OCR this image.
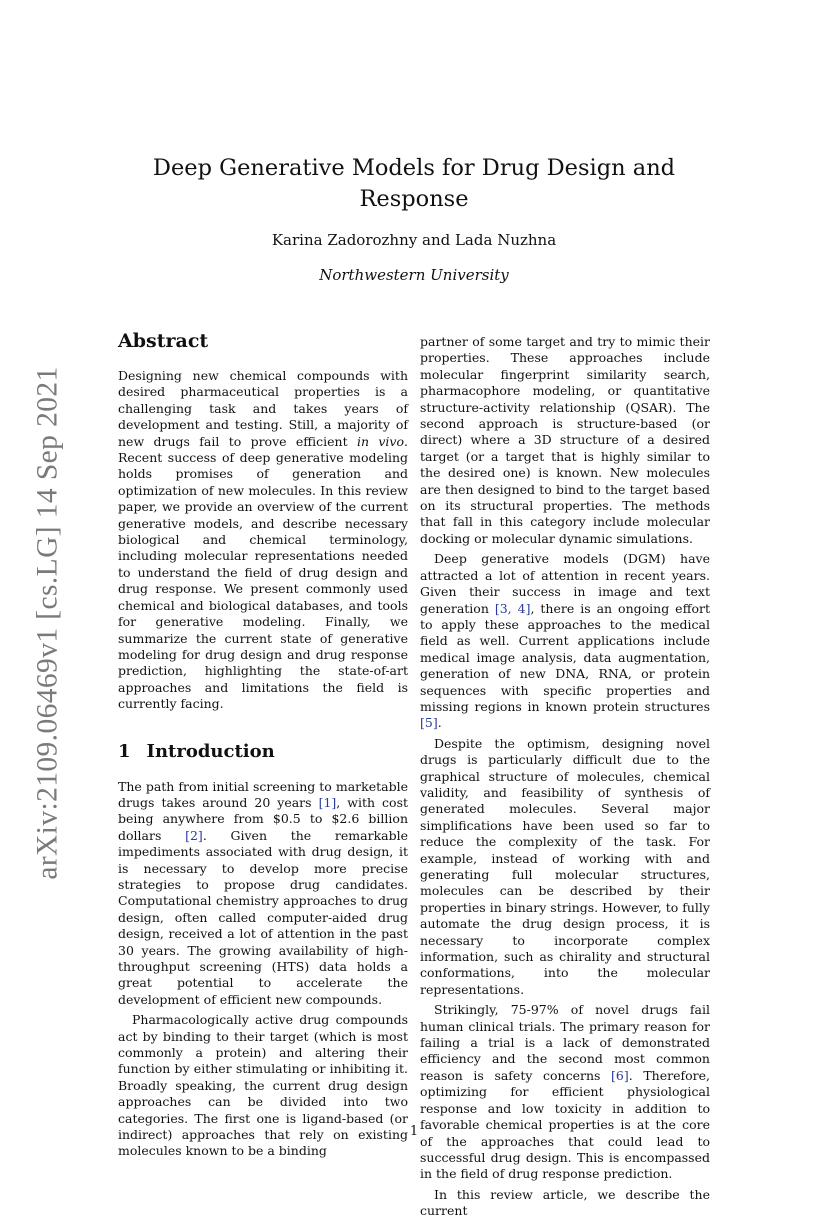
arXiv:2109.06469v1 [cs.LG] 14 Sep 2021
Deep Generative Models for Drug Design and
Response
Karina Zadorozhny and Lada Nuzhna
Northwestern University
Abstract

Designing new chemical compounds with desired pharmaceutical properties is a challenging task and takes years of development and testing. Still, a majority of new drugs fail to prove efficient in vivo. Recent success of deep generative modeling holds promises of generation and optimization of new molecules. In this review paper, we provide an overview of the current generative models, and describe necessary biological and chemical terminology, including molecular representations needed to understand the field of drug design and drug response. We present commonly used chemical and biological databases, and tools for generative modeling. Finally, we summarize the current state of generative modeling for drug design and drug response prediction, highlighting the state-of-art approaches and limitations the field is currently facing.

1 Introduction

The path from initial screening to marketable drugs takes around 20 years [1], with cost being anywhere from $0.5 to $2.6 billion dollars [2]. Given the remarkable impediments associated with drug design, it is necessary to develop more precise strategies to propose drug candidates. Computational chemistry approaches to drug design, often called computer-aided drug design, received a lot of attention in the past 30 years. The growing availability of high-throughput screening (HTS) data holds a great potential to accelerate the development of efficient new compounds.

Pharmacologically active drug compounds act by binding to their target (which is most commonly a protein) and altering their function by either stimulating or inhibiting it. Broadly speaking, the current drug design approaches can be divided into two categories. The first one is ligand-based (or indirect) approaches that rely on existing molecules known to be a binding

partner of some target and try to mimic their properties. These approaches include molecular fingerprint similarity search, pharmacophore modeling, or quantitative structure-activity relationship (QSAR). The second approach is structure-based (or direct) where a 3D structure of a desired target (or a target that is highly similar to the desired one) is known. New molecules are then designed to bind to the target based on its structural properties. The methods that fall in this category include molecular docking or molecular dynamic simulations.

Deep generative models (DGM) have attracted a lot of attention in recent years. Given their success in image and text generation [3, 4], there is an ongoing effort to apply these approaches to the medical field as well. Current applications include medical image analysis, data augmentation, generation of new DNA, RNA, or protein sequences with specific properties and missing regions in known protein structures [5].

Despite the optimism, designing novel drugs is particularly difficult due to the graphical structure of molecules, chemical validity, and feasibility of synthesis of generated molecules. Several major simplifications have been used so far to reduce the complexity of the task. For example, instead of working with and generating full molecular structures, molecules can be described by their properties in binary strings. However, to fully automate the drug design process, it is necessary to incorporate complex information, such as chirality and structural conformations, into the molecular representations.

Strikingly, 75-97% of novel drugs fail human clinical trials. The primary reason for failing a trial is a lack of demonstrated efficiency and the second most common reason is safety concerns [6]. Therefore, optimizing for efficient physiological response and low toxicity in addition to favorable chemical properties is at the core of the approaches that could lead to successful drug design. This is encompassed in the field of drug response prediction.

In this review article, we describe the current

1
